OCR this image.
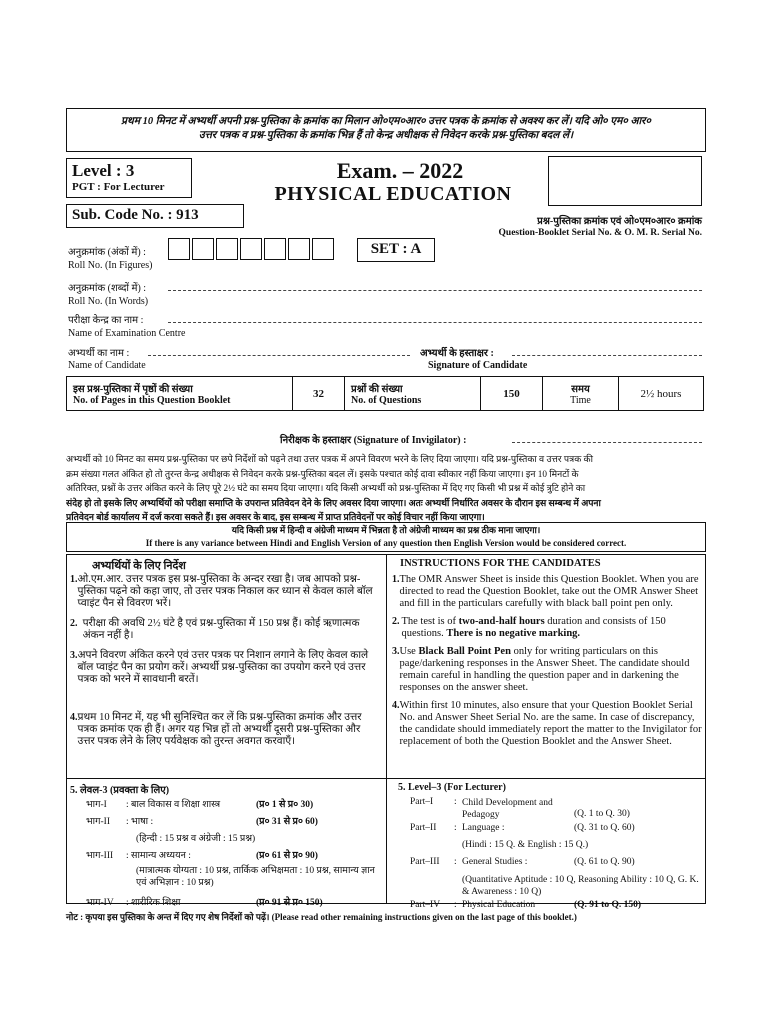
प्रथम 10 मिनट में अभ्यर्थी अपनी प्रश्न-पुस्तिका के क्रमांक का मिलान ओ०एम०आर० उत्तर पत्रक के क्रमांक से अवश्य कर लें। यदि ओ० एम० आर०
उत्तर पत्रक व प्रश्न-पुस्तिका के क्रमांक भिन्न हैं तो केन्द्र अधीक्षक से निवेदन करके प्रश्न-पुस्तिका बदल लें।
Level : 3
PGT : For Lecturer
Exam. – 2022
PHYSICAL EDUCATION
Sub. Code No. : 913	प्रश्न-पुस्तिका क्रमांक एवं ओ०एम०आर० क्रमांक
Question-Booklet Serial No. & O. M. R. Serial No.
अनुक्रमांक (अंकों में) :
Roll No. (In Figures)
SET : A
अनुक्रमांक (शब्दों में) :
Roll No. (In Words)
परीक्षा केन्द्र का नाम :
Name of Examination Centre
अभ्यर्थी का नाम :	अभ्यर्थी के हस्ताक्षर :
Name of Candidate	Signature of Candidate
इस प्रश्न-पुस्तिका में पृष्ठों की संख्या
No. of Pages in this Question Booklet
	32	प्रश्नों की संख्या
No. of Questions
	150	समय
Time
	2½ hours
निरीक्षक के हस्ताक्षर (Signature of Invigilator) :
अभ्यर्थी को 10 मिनट का समय प्रश्न-पुस्तिका पर छपे निर्देशों को पढ़ने तथा उत्तर पत्रक में अपने विवरण भरने के लिए दिया जाएगा। यदि प्रश्न-पुस्तिका व उत्तर पत्रक की
क्रम संख्या गलत अंकित हो तो तुरन्त केन्द्र अधीक्षक से निवेदन करके प्रश्न-पुस्तिका बदल लें। इसके पश्चात कोई दावा स्वीकार नहीं किया जाएगा। इन 10 मिनटों के
अतिरिक्त, प्रश्नों के उत्तर अंकित करने के लिए पूरे 2½ घंटे का समय दिया जाएगा। यदि किसी अभ्यर्थी को प्रश्न-पुस्तिका में दिए गए किसी भी प्रश्न में कोई त्रुटि होने का
संदेह हो तो इसके लिए अभ्यर्थियों को परीक्षा समाप्ति के उपरान्त प्रतिवेदन देने के लिए अवसर दिया जाएगा। अतः अभ्यर्थी निर्धारित अवसर के दौरान इस सम्बन्ध में अपना
प्रतिवेदन बोर्ड कार्यालय में दर्ज करवा सकते हैं। इस अवसर के बाद, इस सम्बन्ध में प्राप्त प्रतिवेदनों पर कोई विचार नहीं किया जाएगा।
यदि किसी प्रश्न में हिन्दी व अंग्रेजी माध्यम में भिन्नता है तो अंग्रेजी माध्यम का प्रश्न ठीक माना जाएगा।
If there is any variance between Hindi and English Version of any question then English Version would be considered correct.
अभ्यर्थियों के लिए निर्देश	INSTRUCTIONS FOR THE CANDIDATES
1. ओ.एम.आर. उत्तर पत्रक इस प्रश्न-पुस्तिका के अन्दर रखा है। जब आपको प्रश्न-पुस्तिका पढ़ने को कहा जाए, तो उत्तर पत्रक निकाल कर ध्यान से केवल काले बॉल प्वाइंट पैन से विवरण भरें।

2. परीक्षा की अवधि 2½ घंटे है एवं प्रश्न-पुस्तिका में 150 प्रश्न हैं। कोई ऋणात्मक अंकन नहीं है।

3. अपने विवरण अंकित करने एवं उत्तर पत्रक पर निशान लगाने के लिए केवल काले बॉल प्वाइंट पैन का प्रयोग करें। अभ्यर्थी प्रश्न-पुस्तिका का उपयोग करने एवं उत्तर पत्रक को भरने में सावधानी बरतें।

4. प्रथम 10 मिनट में, यह भी सुनिश्चित कर लें कि प्रश्न-पुस्तिका क्रमांक और उत्तर पत्रक क्रमांक एक ही हैं। अगर यह भिन्न हों तो अभ्यर्थी दूसरी प्रश्न-पुस्तिका और उत्तर पत्रक लेने के लिए पर्यवेक्षक को तुरन्त अवगत करवाएँ।

1. The OMR Answer Sheet is inside this Question Booklet. When you are directed to read the Question Booklet, take out the OMR Answer Sheet and fill in the particulars carefully with black ball point pen only.

2. The test is of two-and-half hours duration and consists of 150 questions. There is no negative marking.

3. Use Black Ball Point Pen only for writing particulars on this page/darkening responses in the Answer Sheet. The candidate should remain careful in handling the question paper and in darkening the responses on the answer sheet.

4. Within first 10 minutes, also ensure that your Question Booklet Serial No. and Answer Sheet Serial No. are the same. In case of discrepancy, the candidate should immediately report the matter to the Invigilator for replacement of both the Question Booklet and the Answer Sheet.

5. लेवल-3 (प्रवक्ता के लिए)	5. Level–3 (For Lecturer)
भाग-I	: बाल विकास व शिक्षा शास्त्र	(प्र० 1 से प्र० 30)
भाग-II	: भाषा :	(प्र० 31 से प्र० 60)
(हिन्दी : 15 प्रश्न व अंग्रेजी : 15 प्रश्न)
भाग-III	: सामान्य अध्ययन :	(प्र० 61 से प्र० 90)
(मात्रात्मक योग्यता : 10 प्रश्न, तार्किक अभिक्षमता : 10 प्रश्न, सामान्य ज्ञान एवं अभिज्ञान : 10 प्रश्न)
भाग-IV	: शारीरिक शिक्षा	(प्र० 91 से प्र० 150)
Part–I	: Child Development and Pedagogy	(Q. 1 to Q. 30)
Part–II	: Language :	(Q. 31 to Q. 60)
(Hindi : 15 Q. & English : 15 Q.)
Part–III	: General Studies :	(Q. 61 to Q. 90)
(Quantitative Aptitude : 10 Q, Reasoning Ability : 10 Q, G. K. & Awareness : 10 Q)
Part–IV	: Physical Education	(Q. 91 to Q. 150)
नोट : कृपया इस पुस्तिका के अन्त में दिए गए शेष निर्देशों को पढ़ें। (Please read other remaining instructions given on the last page of this booklet.)
